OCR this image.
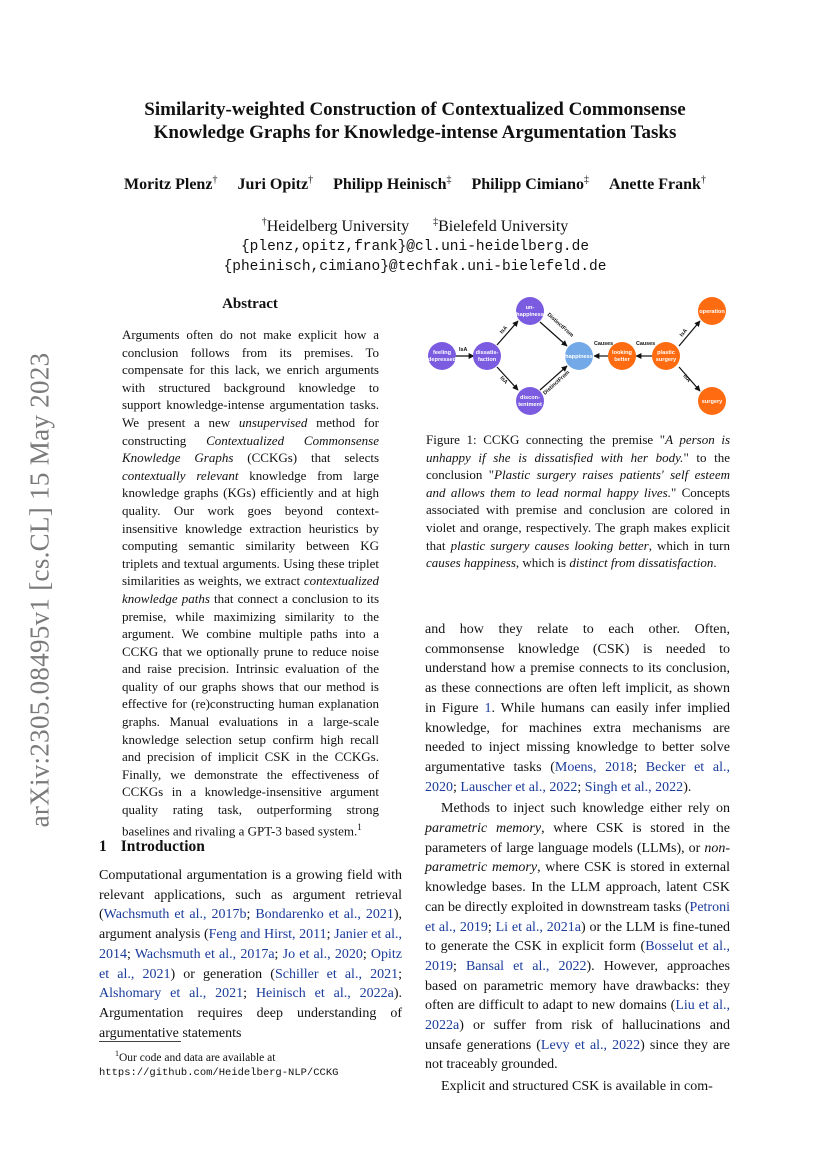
arXiv:2305.08495v1 [cs.CL] 15 May 2023
Similarity-weighted Construction of Contextualized Commonsense
Knowledge Graphs for Knowledge-intense Argumentation Tasks
Moritz Plenz† Juri Opitz† Philipp Heinisch‡ Philipp Cimiano‡ Anette Frank†
†Heidelberg University ‡Bielefeld University
{plenz,opitz,frank}@cl.uni-heidelberg.de
{pheinisch,cimiano}@techfak.uni-bielefeld.de
Abstract
Arguments often do not make explicit how a conclusion follows from its premises. To compensate for this lack, we enrich arguments with structured background knowledge to support knowledge-intense argumentation tasks. We present a new unsupervised method for constructing Contextualized Commonsense Knowledge Graphs (CCKGs) that selects contextually relevant knowledge from large knowledge graphs (KGs) efficiently and at high quality. Our work goes beyond context-insensitive knowledge extraction heuristics by computing semantic similarity between KG triplets and textual arguments. Using these triplet similarities as weights, we extract contextualized knowledge paths that connect a conclusion to its premise, while maximizing similarity to the argument. We combine multiple paths into a CCKG that we optionally prune to reduce noise and raise precision. Intrinsic evaluation of the quality of our graphs shows that our method is effective for (re)constructing human explanation graphs. Manual evaluations in a large-scale knowledge selection setup confirm high recall and precision of implicit CSK in the CCKGs. Finally, we demonstrate the effectiveness of CCKGs in a knowledge-insensitive argument quality rating task, outperforming strong baselines and rivaling a GPT-3 based system.$^1$
1 Introduction
Computational argumentation is a growing field with relevant applications, such as argument retrieval (Wachsmuth et al., 2017b; Bondarenko et al., 2021), argument analysis (Feng and Hirst, 2011; Janier et al., 2014; Wachsmuth et al., 2017a; Jo et al., 2020; Opitz et al., 2021) or generation (Schiller et al., 2021; Alshomary et al., 2021; Heinisch et al., 2022a). Argumentation requires deep understanding of argumentative statements
$^1$Our code and data are available at
https://github.com/Heidelberg-NLP/CCKG
IsA
IsA
IsA
DistinctFrom
DistinctFrom
Causes	Causes
IsA
IsA
feeling
depressed
dissatis-
faction
un-
happiness
discon-
tentment
happiness
looking
better
plastic
surgery
operation
surgery
Figure 1: CCKG connecting the premise "A person is unhappy if she is dissatisfied with her body." to the conclusion "Plastic surgery raises patients' self esteem and allows them to lead normal happy lives." Concepts associated with premise and conclusion are colored in violet and orange, respectively. The graph makes explicit that plastic surgery causes looking better, which in turn causes happiness, which is distinct from dissatisfaction.

and how they relate to each other. Often, commonsense knowledge (CSK) is needed to understand how a premise connects to its conclusion, as these connections are often left implicit, as shown in Figure 1. While humans can easily infer implied knowledge, for machines extra mechanisms are needed to inject missing knowledge to better solve argumentative tasks (Moens, 2018; Becker et al., 2020; Lauscher et al., 2022; Singh et al., 2022).

Methods to inject such knowledge either rely on parametric memory, where CSK is stored in the parameters of large language models (LLMs), or non-parametric memory, where CSK is stored in external knowledge bases. In the LLM approach, latent CSK can be directly exploited in downstream tasks (Petroni et al., 2019; Li et al., 2021a) or the LLM is fine-tuned to generate the CSK in explicit form (Bosselut et al., 2019; Bansal et al., 2022). However, approaches based on parametric memory have drawbacks: they often are difficult to adapt to new domains (Liu et al., 2022a) or suffer from risk of hallucinations and unsafe generations (Levy et al., 2022) since they are not traceably grounded.

Explicit and structured CSK is available in com-
